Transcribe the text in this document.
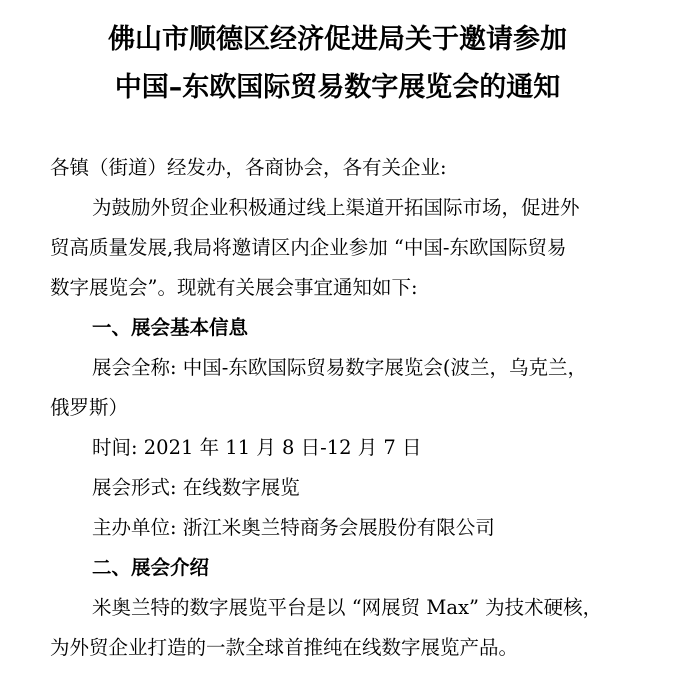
佛山市顺德区经济促进局关于邀请参加
中国–东欧国际贸易数字展览会的通知
各镇（街道）经发办，各商协会，各有关企业:
为鼓励外贸企业积极通过线上渠道开拓国际市场，促进外
贸高质量发展,我局将邀请区内企业参加 “中国-东欧国际贸易
数字展览会”。现就有关展会事宜通知如下:
一、展会基本信息
展会全称: 中国-东欧国际贸易数字展览会(波兰，乌克兰，
俄罗斯）
时间: 2021 年 11 月 8 日-12 月 7 日
展会形式: 在线数字展览
主办单位: 浙江米奥兰特商务会展股份有限公司
二、展会介绍
米奥兰特的数字展览平台是以 “网展贸 Max” 为技术硬核，
为外贸企业打造的一款全球首推纯在线数字展览产品。
